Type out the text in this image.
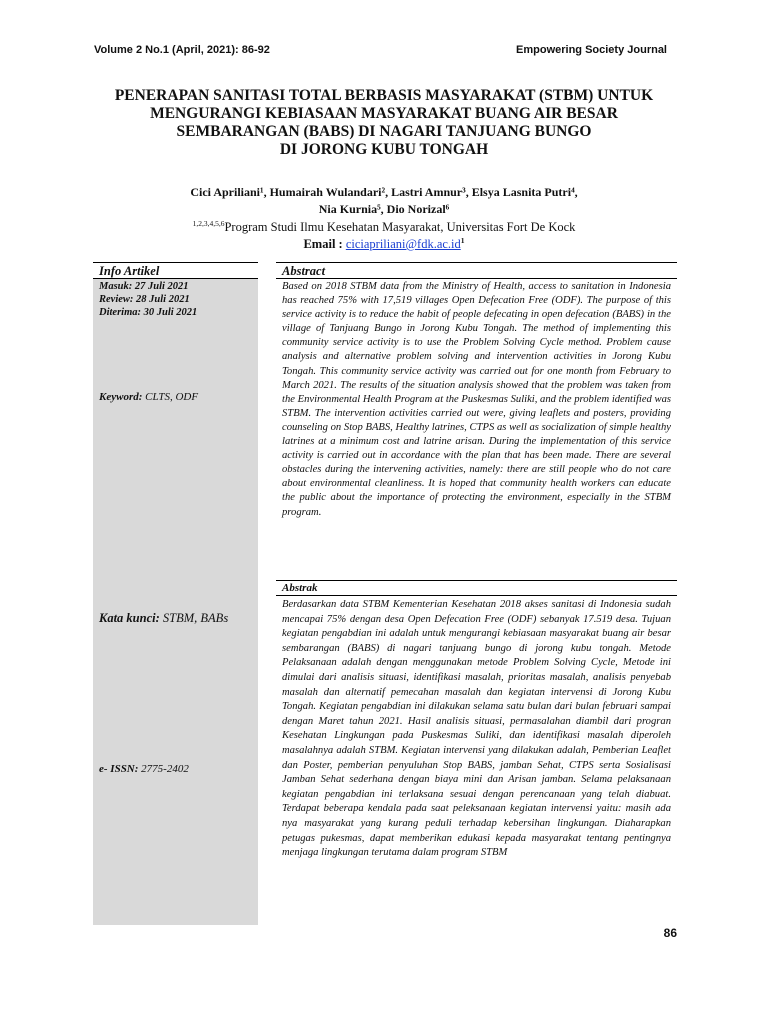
Volume 2 No.1 (April, 2021): 86-92	Empowering Society Journal
PENERAPAN SANITASI TOTAL BERBASIS MASYARAKAT (STBM) UNTUK
MENGURANGI KEBIASAAN MASYARAKAT BUANG AIR BESAR
SEMBARANGAN (BABS) DI NAGARI TANJUANG BUNGO
DI JORONG KUBU TONGAH
Cici Apriliani¹, Humairah Wulandari², Lastri Amnur³, Elsya Lasnita Putri⁴,
Nia Kurnia⁵, Dio Norizal⁶
$^{1,2,3,4,5,6}$Program Studi Ilmu Kesehatan Masyarakat, Universitas Fort De Kock
Email : $ciciapriliani@fdk.ac.id^1$
Info Artikel
Masuk: 27 Juli 2021
Review: 28 Juli 2021
Diterima: 30 Juli 2021
Keyword: CLTS, ODF
Kata kunci: STBM, BABs
e- ISSN: 2775-2402
Abstract

Based on 2018 STBM data from the Ministry of Health, access to sanitation in Indonesia has reached 75% with 17,519 villages Open Defecation Free (ODF). The purpose of this service activity is to reduce the habit of people defecating in open defecation (BABS) in the village of Tanjuang Bungo in Jorong Kubu Tongah. The method of implementing this community service activity is to use the Problem Solving Cycle method. Problem cause analysis and alternative problem solving and intervention activities in Jorong Kubu Tongah. This community service activity was carried out for one month from February to March 2021. The results of the situation analysis showed that the problem was taken from the Environmental Health Program at the Puskesmas Suliki, and the problem identified was STBM. The intervention activities carried out were, giving leaflets and posters, providing counseling on Stop BABS, Healthy latrines, CTPS as well as socialization of simple healthy latrines at a minimum cost and latrine arisan. During the implementation of this service activity is carried out in accordance with the plan that has been made. There are several obstacles during the intervening activities, namely: there are still people who do not care about environmental cleanliness. It is hoped that community health workers can educate the public about the importance of protecting the environment, especially in the STBM program.

Abstrak

Berdasarkan data STBM Kementerian Kesehatan 2018 akses sanitasi di Indonesia sudah mencapai 75% dengan desa Open Defecation Free (ODF) sebanyak 17.519 desa. Tujuan kegiatan pengabdian ini adalah untuk mengurangi kebiasaan masyarakat buang air besar sembarangan (BABS) di nagari tanjuang bungo di jorong kubu tongah. Metode Pelaksanaan adalah dengan menggunakan metode Problem Solving Cycle, Metode ini dimulai dari analisis situasi, identifikasi masalah, prioritas masalah, analisis penyebab masalah dan alternatif pemecahan masalah dan kegiatan intervensi di Jorong Kubu Tongah. Kegiatan pengabdian ini dilakukan selama satu bulan dari bulan februari sampai dengan Maret tahun 2021. Hasil analisis situasi, permasalahan diambil dari progran Kesehatan Lingkungan pada Puskesmas Suliki, dan identifikasi masalah diperoleh masalahnya adalah STBM. Kegiatan intervensi yang dilakukan adalah, Pemberian Leaflet dan Poster, pemberian penyuluhan Stop BABS, jamban Sehat, CTPS serta Sosialisasi Jamban Sehat sederhana dengan biaya mini dan Arisan jamban. Selama pelaksanaan kegiatan pengabdian ini terlaksana sesuai dengan perencanaan yang telah diabuat. Terdapat beberapa kendala pada saat peleksanaan kegiatan intervensi yaitu: masih ada nya masyarakat yang kurang peduli terhadap kebersihan lingkungan. Diaharapkan petugas pukesmas, dapat memberikan edukasi kepada masyarakat tentang pentingnya menjaga lingkungan terutama dalam program STBM

86
